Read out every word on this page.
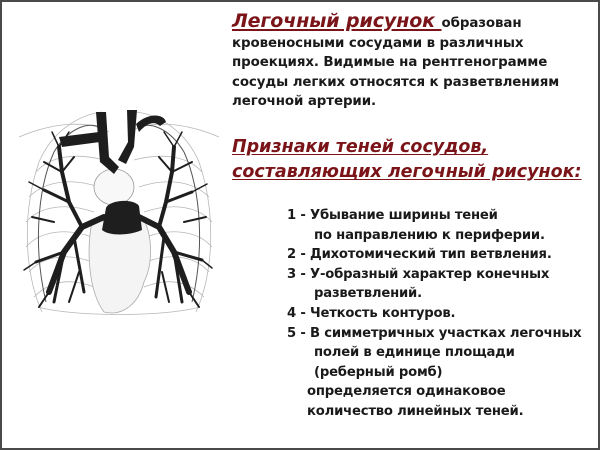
Легочный рисунок образован
кровеносными сосудами в различных
проекциях. Видимые на рентгенограмме
сосуды легких относятся к разветвлениям
легочной артерии.
Признаки теней сосудов,
составляющих легочный рисунок:
1 - Убывание ширины теней
по направлению к периферии.
2 - Дихотомический тип ветвления.
3 - У-образный характер конечных
разветвлений.
4 - Четкость контуров.
5 - В симметричных участках легочных
полей в единице площади
(реберный ромб)
определяется одинаковое
количество линейных теней.
